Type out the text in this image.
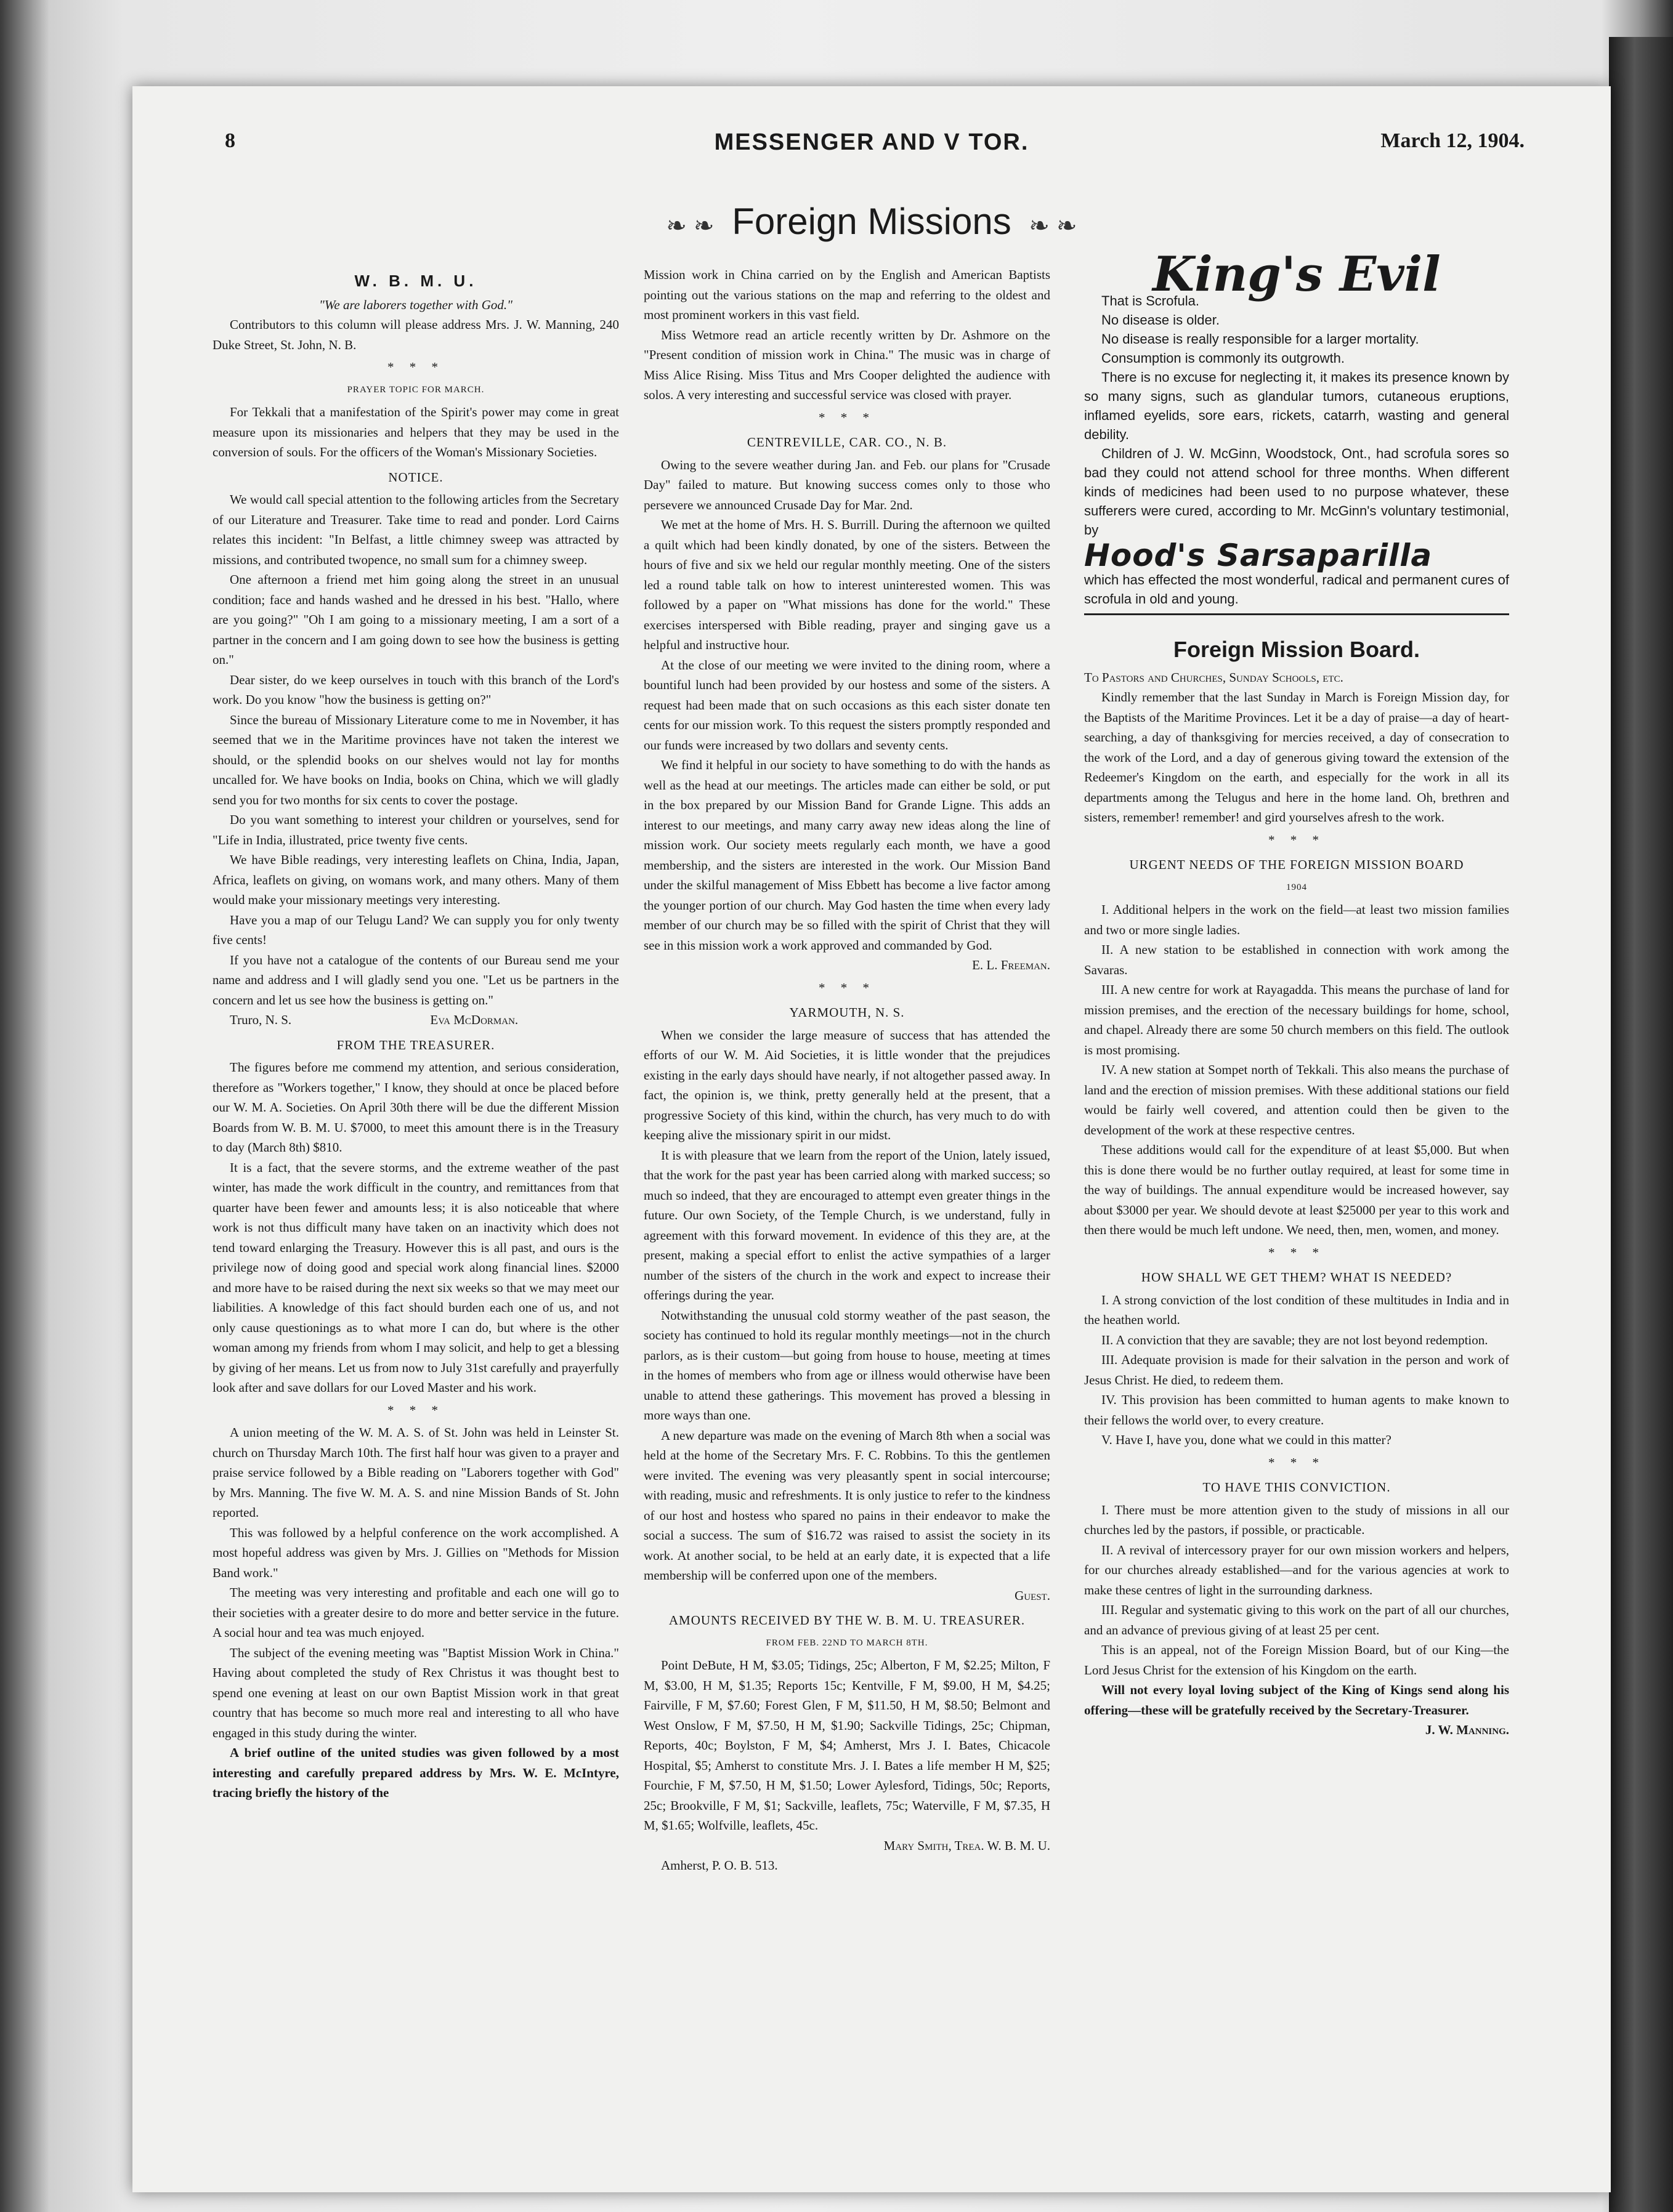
8	MESSENGER AND V TOR.	March 12, 1904.
❧ ❧ Foreign Missions ❧ ❧
W. B. M. U.

"We are laborers together with God."

Contributors to this column will please address Mrs. J. W. Manning, 240 Duke Street, St. John, N. B.

* * *

PRAYER TOPIC FOR MARCH.

For Tekkali that a manifestation of the Spirit's power may come in great measure upon its missionaries and helpers that they may be used in the conversion of souls. For the officers of the Woman's Missionary Societies.

NOTICE.

We would call special attention to the following articles from the Secretary of our Literature and Treasurer. Take time to read and ponder. Lord Cairns relates this incident: "In Belfast, a little chimney sweep was attracted by missions, and contributed twopence, no small sum for a chimney sweep.

One afternoon a friend met him going along the street in an unusual condition; face and hands washed and he dressed in his best. "Hallo, where are you going?" "Oh I am going to a missionary meeting, I am a sort of a partner in the concern and I am going down to see how the business is getting on."

Dear sister, do we keep ourselves in touch with this branch of the Lord's work. Do you know "how the business is getting on?"

Since the bureau of Missionary Literature come to me in November, it has seemed that we in the Maritime provinces have not taken the interest we should, or the splendid books on our shelves would not lay for months uncalled for. We have books on India, books on China, which we will gladly send you for two months for six cents to cover the postage.

Do you want something to interest your children or yourselves, send for "Life in India, illustrated, price twenty five cents.

We have Bible readings, very interesting leaflets on China, India, Japan, Africa, leaflets on giving, on womans work, and many others. Many of them would make your missionary meetings very interesting.

Have you a map of our Telugu Land? We can supply you for only twenty five cents!

If you have not a catalogue of the contents of our Bureau send me your name and address and I will gladly send you one. "Let us be partners in the concern and let us see how the business is getting on."

Truro, N. S.	Eva McDorman.

FROM THE TREASURER.

The figures before me commend my attention, and serious consideration, therefore as "Workers together," I know, they should at once be placed before our W. M. A. Societies. On April 30th there will be due the different Mission Boards from W. B. M. U. $7000, to meet this amount there is in the Treasury to day (March 8th) $810.

It is a fact, that the severe storms, and the extreme weather of the past winter, has made the work difficult in the country, and remittances from that quarter have been fewer and amounts less; it is also noticeable that where work is not thus difficult many have taken on an inactivity which does not tend toward enlarging the Treasury. However this is all past, and ours is the privilege now of doing good and special work along financial lines. $2000 and more have to be raised during the next six weeks so that we may meet our liabilities. A knowledge of this fact should burden each one of us, and not only cause questionings as to what more I can do, but where is the other woman among my friends from whom I may solicit, and help to get a blessing by giving of her means. Let us from now to July 31st carefully and prayerfully look after and save dollars for our Loved Master and his work.

* * *

A union meeting of the W. M. A. S. of St. John was held in Leinster St. church on Thursday March 10th. The first half hour was given to a prayer and praise service followed by a Bible reading on "Laborers together with God" by Mrs. Manning. The five W. M. A. S. and nine Mission Bands of St. John reported.

This was followed by a helpful conference on the work accomplished. A most hopeful address was given by Mrs. J. Gillies on "Methods for Mission Band work."

The meeting was very interesting and profitable and each one will go to their societies with a greater desire to do more and better service in the future. A social hour and tea was much enjoyed.

The subject of the evening meeting was "Baptist Mission Work in China." Having about completed the study of Rex Christus it was thought best to spend one evening at least on our own Baptist Mission work in that great country that has become so much more real and interesting to all who have engaged in this study during the winter.

A brief outline of the united studies was given followed by a most interesting and carefully prepared address by Mrs. W. E. McIntyre, tracing briefly the history of the

Mission work in China carried on by the English and American Baptists pointing out the various stations on the map and referring to the oldest and most prominent workers in this vast field.

Miss Wetmore read an article recently written by Dr. Ashmore on the "Present condition of mission work in China." The music was in charge of Miss Alice Rising. Miss Titus and Mrs Cooper delighted the audience with solos. A very interesting and successful service was closed with prayer.

* * *

CENTREVILLE, CAR. CO., N. B.

Owing to the severe weather during Jan. and Feb. our plans for "Crusade Day" failed to mature. But knowing success comes only to those who persevere we announced Crusade Day for Mar. 2nd.

We met at the home of Mrs. H. S. Burrill. During the afternoon we quilted a quilt which had been kindly donated, by one of the sisters. Between the hours of five and six we held our regular monthly meeting. One of the sisters led a round table talk on how to interest uninterested women. This was followed by a paper on "What missions has done for the world." These exercises interspersed with Bible reading, prayer and singing gave us a helpful and instructive hour.

At the close of our meeting we were invited to the dining room, where a bountiful lunch had been provided by our hostess and some of the sisters. A request had been made that on such occasions as this each sister donate ten cents for our mission work. To this request the sisters promptly responded and our funds were increased by two dollars and seventy cents.

We find it helpful in our society to have something to do with the hands as well as the head at our meetings. The articles made can either be sold, or put in the box prepared by our Mission Band for Grande Ligne. This adds an interest to our meetings, and many carry away new ideas along the line of mission work. Our society meets regularly each month, we have a good membership, and the sisters are interested in the work. Our Mission Band under the skilful management of Miss Ebbett has become a live factor among the younger portion of our church. May God hasten the time when every lady member of our church may be so filled with the spirit of Christ that they will see in this mission work a work approved and commanded by God.

E. L. Freeman.

* * *

YARMOUTH, N. S.

When we consider the large measure of success that has attended the efforts of our W. M. Aid Societies, it is little wonder that the prejudices existing in the early days should have nearly, if not altogether passed away. In fact, the opinion is, we think, pretty generally held at the present, that a progressive Society of this kind, within the church, has very much to do with keeping alive the missionary spirit in our midst.

It is with pleasure that we learn from the report of the Union, lately issued, that the work for the past year has been carried along with marked success; so much so indeed, that they are encouraged to attempt even greater things in the future. Our own Society, of the Temple Church, is we understand, fully in agreement with this forward movement. In evidence of this they are, at the present, making a special effort to enlist the active sympathies of a larger number of the sisters of the church in the work and expect to increase their offerings during the year.

Notwithstanding the unusual cold stormy weather of the past season, the society has continued to hold its regular monthly meetings—not in the church parlors, as is their custom—but going from house to house, meeting at times in the homes of members who from age or illness would otherwise have been unable to attend these gatherings. This movement has proved a blessing in more ways than one.

A new departure was made on the evening of March 8th when a social was held at the home of the Secretary Mrs. F. C. Robbins. To this the gentlemen were invited. The evening was very pleasantly spent in social intercourse; with reading, music and refreshments. It is only justice to refer to the kindness of our host and hostess who spared no pains in their endeavor to make the social a success. The sum of $16.72 was raised to assist the society in its work. At another social, to be held at an early date, it is expected that a life membership will be conferred upon one of the members.

Guest.

AMOUNTS RECEIVED BY THE W. B. M. U. TREASURER.

FROM FEB. 22ND TO MARCH 8TH.

Point DeBute, H M, $3.05; Tidings, 25c; Alberton, F M, $2.25; Milton, F M, $3.00, H M, $1.35; Reports 15c; Kentville, F M, $9.00, H M, $4.25; Fairville, F M, $7.60; Forest Glen, F M, $11.50, H M, $8.50; Belmont and West Onslow, F M, $7.50, H M, $1.90; Sackville Tidings, 25c; Chipman, Reports, 40c; Boylston, F M, $4; Amherst, Mrs J. I. Bates, Chicacole Hospital, $5; Amherst to constitute Mrs. J. I. Bates a life member H M, $25; Fourchie, F M, $7.50, H M, $1.50; Lower Aylesford, Tidings, 50c; Reports, 25c; Brookville, F M, $1; Sackville, leaflets, 75c; Waterville, F M, $7.35, H M, $1.65; Wolfville, leaflets, 45c.

Mary Smith, Trea. W. B. M. U.

Amherst, P. O. B. 513.

King's Evil

That is Scrofula.

No disease is older.

No disease is really responsible for a larger mortality.

Consumption is commonly its outgrowth.

There is no excuse for neglecting it, it makes its presence known by so many signs, such as glandular tumors, cutaneous eruptions, inflamed eyelids, sore ears, rickets, catarrh, wasting and general debility.

Children of J. W. McGinn, Woodstock, Ont., had scrofula sores so bad they could not attend school for three months. When different kinds of medicines had been used to no purpose whatever, these sufferers were cured, according to Mr. McGinn's voluntary testimonial, by

Hood's Sarsaparilla

which has effected the most wonderful, radical and permanent cures of scrofula in old and young.

Foreign Mission Board.

To Pastors and Churches, Sunday Schools, etc.

Kindly remember that the last Sunday in March is Foreign Mission day, for the Baptists of the Maritime Provinces. Let it be a day of praise—a day of heart-searching, a day of thanksgiving for mercies received, a day of consecration to the work of the Lord, and a day of generous giving toward the extension of the Redeemer's Kingdom on the earth, and especially for the work in all its departments among the Telugus and here in the home land. Oh, brethren and sisters, remember! remember! and gird yourselves afresh to the work.

* * *

URGENT NEEDS OF THE FOREIGN MISSION BOARD

1904

I. Additional helpers in the work on the field—at least two mission families and two or more single ladies.

II. A new station to be established in connection with work among the Savaras.

III. A new centre for work at Rayagadda. This means the purchase of land for mission premises, and the erection of the necessary buildings for home, school, and chapel. Already there are some 50 church members on this field. The outlook is most promising.

IV. A new station at Sompet north of Tekkali. This also means the purchase of land and the erection of mission premises. With these additional stations our field would be fairly well covered, and attention could then be given to the development of the work at these respective centres.

These additions would call for the expenditure of at least $5,000. But when this is done there would be no further outlay required, at least for some time in the way of buildings. The annual expenditure would be increased however, say about $3000 per year. We should devote at least $25000 per year to this work and then there would be much left undone. We need, then, men, women, and money.

* * *

HOW SHALL WE GET THEM? WHAT IS NEEDED?

I. A strong conviction of the lost condition of these multitudes in India and in the heathen world.

II. A conviction that they are savable; they are not lost beyond redemption.

III. Adequate provision is made for their salvation in the person and work of Jesus Christ. He died, to redeem them.

IV. This provision has been committed to human agents to make known to their fellows the world over, to every creature.

V. Have I, have you, done what we could in this matter?

* * *

TO HAVE THIS CONVICTION.

I. There must be more attention given to the study of missions in all our churches led by the pastors, if possible, or practicable.

II. A revival of intercessory prayer for our own mission workers and helpers, for our churches already established—and for the various agencies at work to make these centres of light in the surrounding darkness.

III. Regular and systematic giving to this work on the part of all our churches, and an advance of previous giving of at least 25 per cent.

This is an appeal, not of the Foreign Mission Board, but of our King—the Lord Jesus Christ for the extension of his Kingdom on the earth.

Will not every loyal loving subject of the King of Kings send along his offering—these will be gratefully received by the Secretary-Treasurer.

J. W. Manning.
